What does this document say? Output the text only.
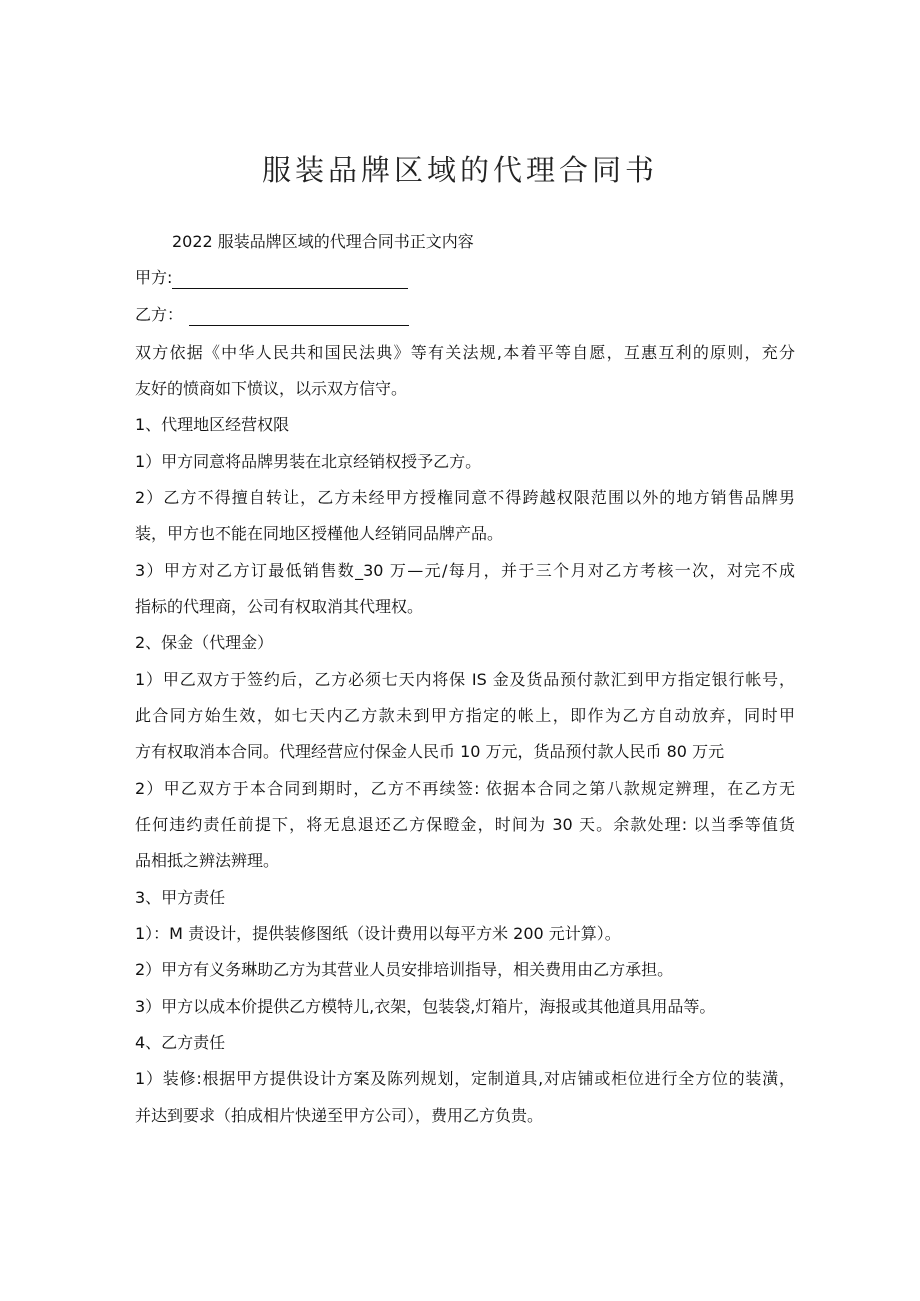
服装品牌区域的代理合同书
2022 服装品牌区域的代理合同书正文内容
甲方:
乙方：
双方依据《中华人民共和国民法典》等有关法规,本着平等自愿，互惠互利的原则，充分
友好的愤商如下愤议，以示双方信守。
1、代理地区经营权限
1）甲方同意将品牌男装在北京经销权授予乙方。
2）乙方不得擅自转让，乙方未经甲方授権同意不得跨越权限范围以外的地方销售品牌男
装，甲方也不能在同地区授槿他人经销同品牌产品。
3）甲方对乙方订最低销售数_30 万—元/每月，并于三个月对乙方考核一次，对完不成
指标的代理商，公司有权取消其代理权。
2、保金（代理金）
1）甲乙双方于签约后，乙方必须七天内将保 IS 金及货品预付款汇到甲方指定银行帐号，
此合同方始生效，如七天内乙方款未到甲方指定的帐上，即作为乙方自动放弃，同时甲
方有权取消本合同。代理经营应付保金人民币 10 万元，货品预付款人民币 80 万元
2）甲乙双方于本合同到期时，乙方不再续签: 依据本合同之第八款规定辨理，在乙方无
任何违约责任前提下，将无息退还乙方保瞪金，时间为 30 天。余款处理: 以当季等值货
品相抵之辨法辨理。
3、甲方责任
1）：M 责设计，提供装修图纸（设计费用以每平方米 200 元计算）。
2）甲方有义务琳助乙方为其营业人员安排培训指导，相关费用由乙方承担。
3）甲方以成本价提供乙方模特儿,衣架，包装袋,灯箱片，海报或其他道具用品等。
4、乙方责任
1）装修:根据甲方提供设计方案及陈列规划，定制道具,对店铺或柜位进行全方位的装潢，
并达到要求（拍成相片快递至甲方公司），费用乙方负贵。
